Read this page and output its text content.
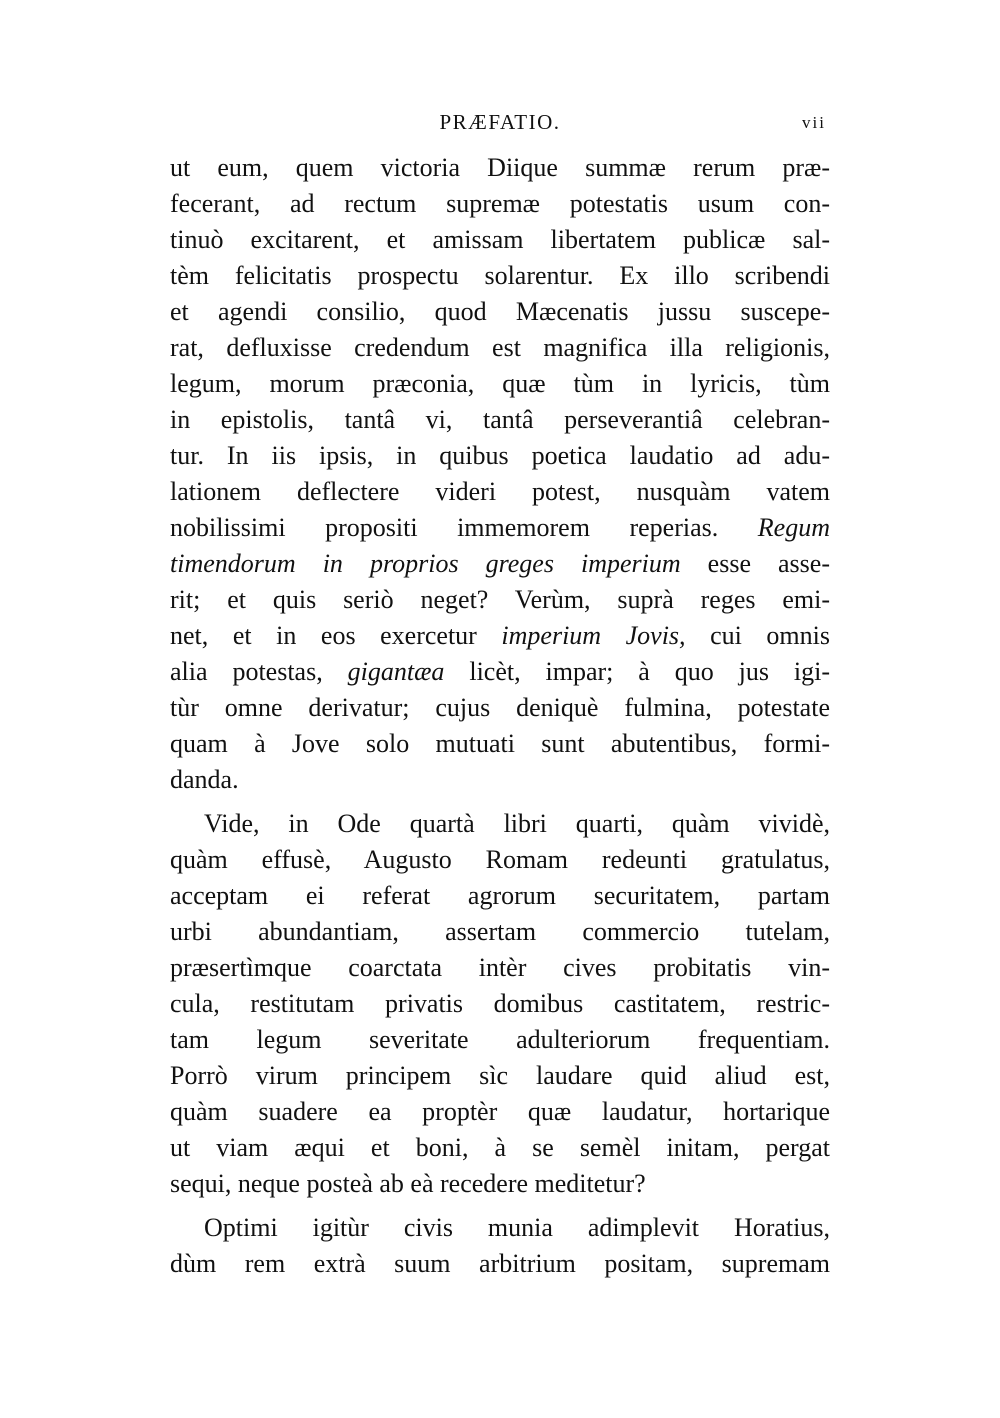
PRÆFATIO.	vii
ut eum, quem victoria Diique summæ rerum præ-
fecerant, ad rectum supremæ potestatis usum con-
tinuò excitarent, et amissam libertatem publicæ sal-
tèm felicitatis prospectu solarentur. Ex illo scribendi
et agendi consilio, quod Mæcenatis jussu suscepe-
rat, defluxisse credendum est magnifica illa religionis,
legum, morum præconia, quæ tùm in lyricis, tùm
in epistolis, tantâ vi, tantâ perseverantiâ celebran-
tur. In iis ipsis, in quibus poetica laudatio ad adu-
lationem deflectere videri potest, nusquàm vatem
nobilissimi propositi immemorem reperias. Regum
timendorum in proprios greges imperium esse asse-
rit; et quis seriò neget? Verùm, suprà reges emi-
net, et in eos exercetur imperium Jovis, cui omnis
alia potestas, gigantæa licèt, impar; à quo jus igi-
tùr omne derivatur; cujus deniquè fulmina, potestate
quam à Jove solo mutuati sunt abutentibus, formi-
danda.
Vide, in Ode quartà libri quarti, quàm vividè,
quàm effusè, Augusto Romam redeunti gratulatus,
acceptam ei referat agrorum securitatem, partam
urbi abundantiam, assertam commercio tutelam,
præsertìmque coarctata intèr cives probitatis vin-
cula, restitutam privatis domibus castitatem, restric-
tam legum severitate adulteriorum frequentiam.
Porrò virum principem sìc laudare quid aliud est,
quàm suadere ea proptèr quæ laudatur, hortarique
ut viam æqui et boni, à se semèl initam, pergat
sequi, neque posteà ab eà recedere meditetur?
Optimi igitùr civis munia adimplevit Horatius,
dùm rem extrà suum arbitrium positam, supremam
